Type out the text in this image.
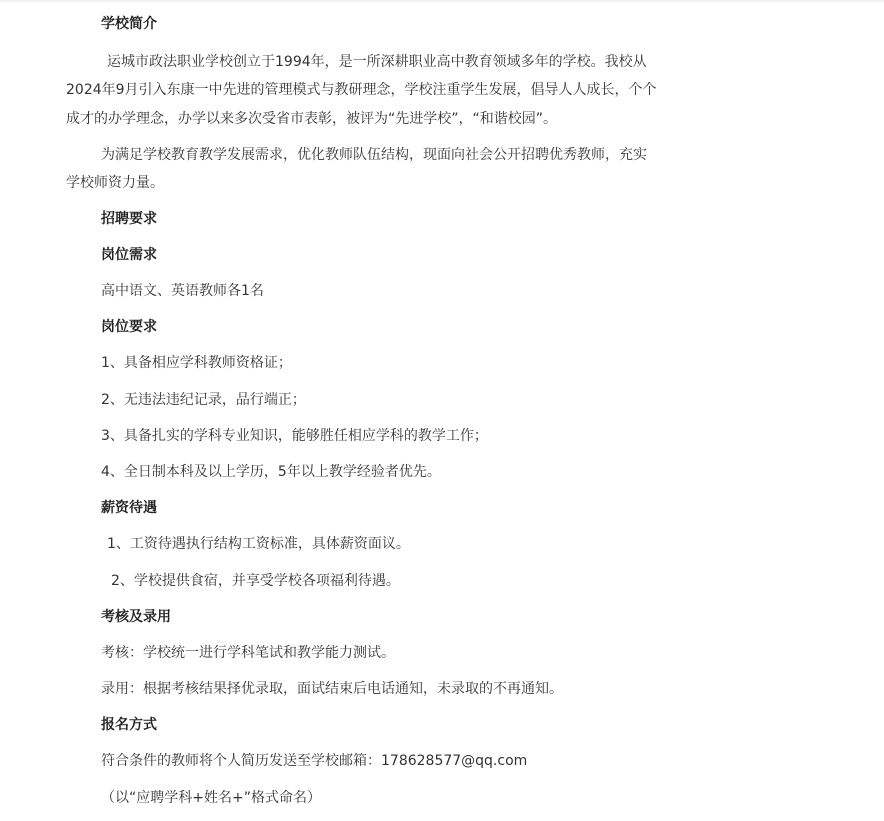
学校简介
运城市政法职业学校创立于1994年，是一所深耕职业高中教育领域多年的学校。我校从
2024年9月引入东康一中先进的管理模式与教研理念，学校注重学生发展，倡导人人成长，个个
成才的办学理念，办学以来多次受省市表彰，被评为“先进学校”，“和谐校园”。
为满足学校教育教学发展需求，优化教师队伍结构，现面向社会公开招聘优秀教师，充实
学校师资力量。
招聘要求
岗位需求
高中语文、英语教师各1名
岗位要求
1、具备相应学科教师资格证；
2、无违法违纪记录，品行端正；
3、具备扎实的学科专业知识，能够胜任相应学科的教学工作；
4、全日制本科及以上学历，5年以上教学经验者优先。
薪资待遇
1、工资待遇执行结构工资标准，具体薪资面议。
2、学校提供食宿，并享受学校各项福利待遇。
考核及录用
考核：学校统一进行学科笔试和教学能力测试。
录用：根据考核结果择优录取，面试结束后电话通知，未录取的不再通知。
报名方式
符合条件的教师将个人简历发送至学校邮箱：178628577@qq.com
（以“应聘学科+姓名+”格式命名）
